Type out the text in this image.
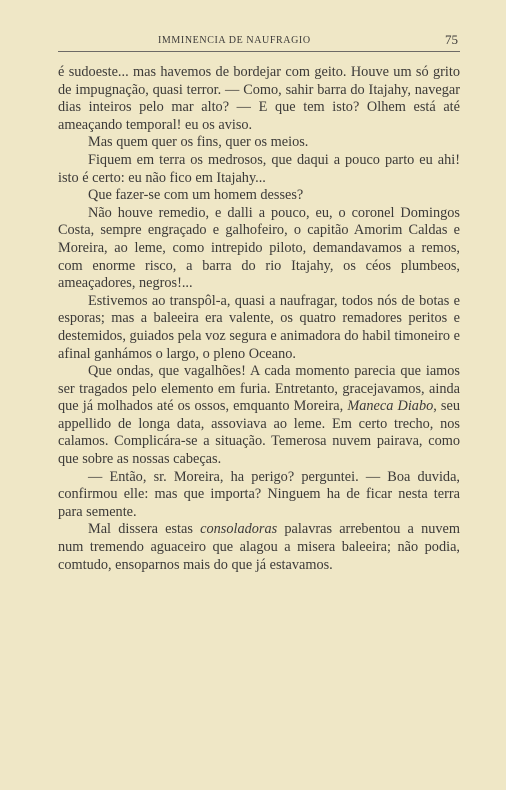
IMMINENCIA DE NAUFRAGIO	75

é sudoeste... mas havemos de bordejar com geito. Houve um só grito de impugnação, quasi terror. — Como, sahir barra do Itajahy, navegar dias inteiros pelo mar alto? — E que tem isto? Olhem está até ameaçando temporal! eu os aviso.

Mas quem quer os fins, quer os meios.

Fiquem em terra os medrosos, que daqui a pouco parto eu ahi! isto é certo: eu não fico em Itajahy...

Que fazer-se com um homem desses?

Não houve remedio, e dalli a pouco, eu, o coronel Domingos Costa, sempre engraçado e galhofeiro, o capitão Amorim Caldas e Moreira, ao leme, como intrepido piloto, demandavamos a remos, com enorme risco, a barra do rio Itajahy, os céos plumbeos, ameaçadores, negros!...

Estivemos ao transpôl-a, quasi a naufragar, todos nós de botas e esporas; mas a baleeira era valente, os quatro remadores peritos e destemidos, guiados pela voz segura e animadora do habil timoneiro e afinal ganhámos o largo, o pleno Oceano.

Que ondas, que vagalhões! A cada momento parecia que iamos ser tragados pelo elemento em furia. Entretanto, gracejavamos, ainda que já molhados até os ossos, emquanto Moreira, Maneca Diabo, seu appellido de longa data, assoviava ao leme. Em certo trecho, nos calamos. Complicára-se a situação. Temerosa nuvem pairava, como que sobre as nossas cabeças.

— Então, sr. Moreira, ha perigo? perguntei. — Boa duvida, confirmou elle: mas que importa? Ninguem ha de ficar nesta terra para semente.

Mal dissera estas consoladoras palavras arrebentou a nuvem num tremendo aguaceiro que alagou a misera baleeira; não podia, comtudo, ensoparnos mais do que já estavamos.
